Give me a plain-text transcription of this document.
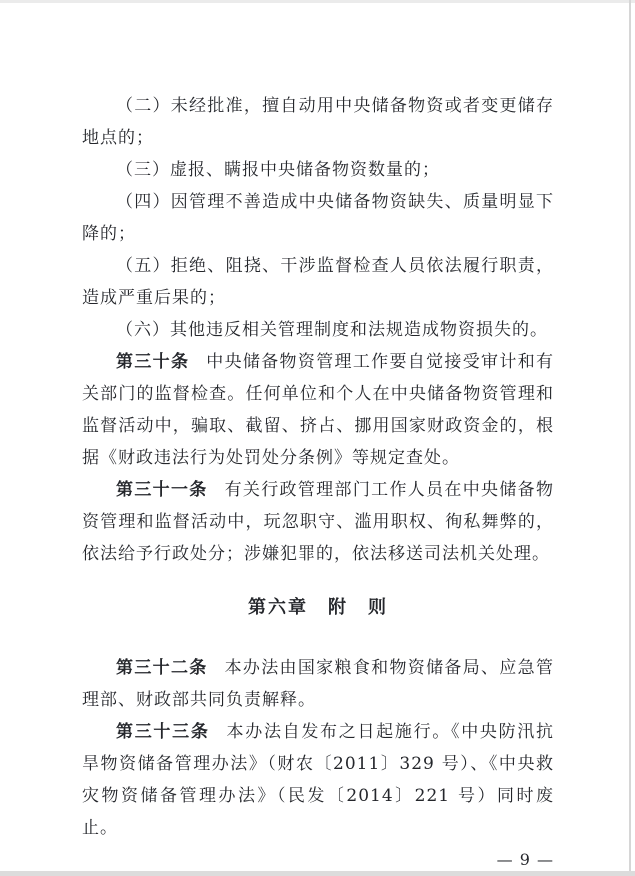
（二）未经批准，擅自动用中央储备物资或者变更储存地点的；

（三）虚报、瞒报中央储备物资数量的；

（四）因管理不善造成中央储备物资缺失、质量明显下降的；

（五）拒绝、阻挠、干涉监督检查人员依法履行职责，造成严重后果的；

（六）其他违反相关管理制度和法规造成物资损失的。

第三十条 中央储备物资管理工作要自觉接受审计和有关部门的监督检查。任何单位和个人在中央储备物资管理和监督活动中，骗取、截留、挤占、挪用国家财政资金的，根据《财政违法行为处罚处分条例》等规定查处。

第三十一条 有关行政管理部门工作人员在中央储备物资管理和监督活动中，玩忽职守、滥用职权、徇私舞弊的，依法给予行政处分；涉嫌犯罪的，依法移送司法机关处理。

第六章　附　则

第三十二条 本办法由国家粮食和物资储备局、应急管理部、财政部共同负责解释。

第三十三条 本办法自发布之日起施行。《中央防汛抗旱物资储备管理办法》（财农〔2011〕329 号）、《中央救灾物资储备管理办法》（民发〔2014〕221 号）同时废止。

— 9 —
